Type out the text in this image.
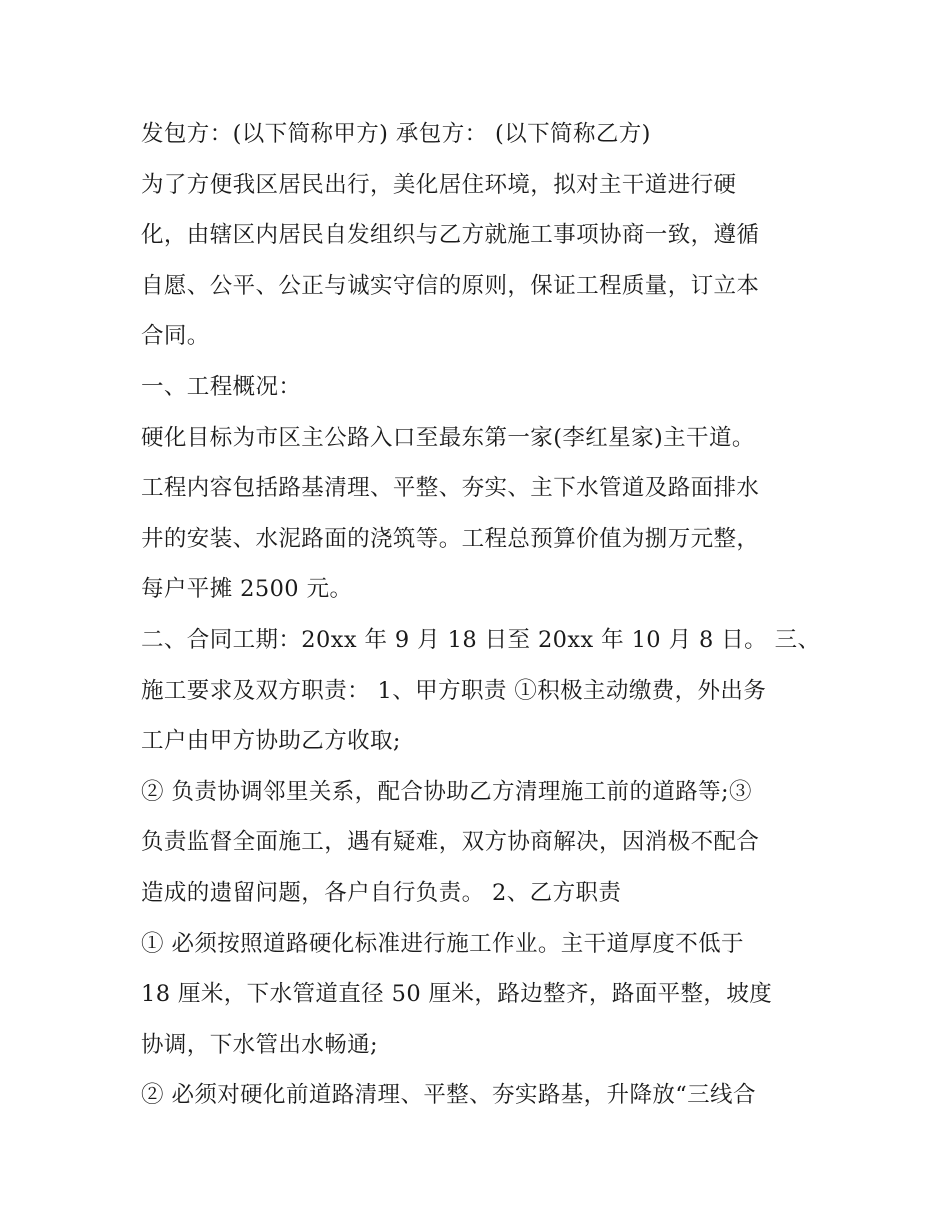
发包方：(以下简称甲方) 承包方： (以下简称乙方)
为了方便我区居民出行，美化居住环境，拟对主干道进行硬
化，由辖区内居民自发组织与乙方就施工事项协商一致，遵循
自愿、公平、公正与诚实守信的原则，保证工程质量，订立本
合同。
一、工程概况：
硬化目标为市区主公路入口至最东第一家(李红星家)主干道。
工程内容包括路基清理、平整、夯实、主下水管道及路面排水
井的安装、水泥路面的浇筑等。工程总预算价值为捌万元整，
每户平摊 2500 元。
二、合同工期：20xx 年 9 月 18 日至 20xx 年 10 月 8 日。 三、
施工要求及双方职责： 1、甲方职责 ①积极主动缴费，外出务
工户由甲方协助乙方收取;
② 负责协调邻里关系，配合协助乙方清理施工前的道路等;③
负责监督全面施工，遇有疑难，双方协商解决，因消极不配合
造成的遗留问题，各户自行负责。 2、乙方职责
① 必须按照道路硬化标准进行施工作业。主干道厚度不低于
18 厘米，下水管道直径 50 厘米，路边整齐，路面平整，坡度
协调，下水管出水畅通;
② 必须对硬化前道路清理、平整、夯实路基，升降放“三线合
